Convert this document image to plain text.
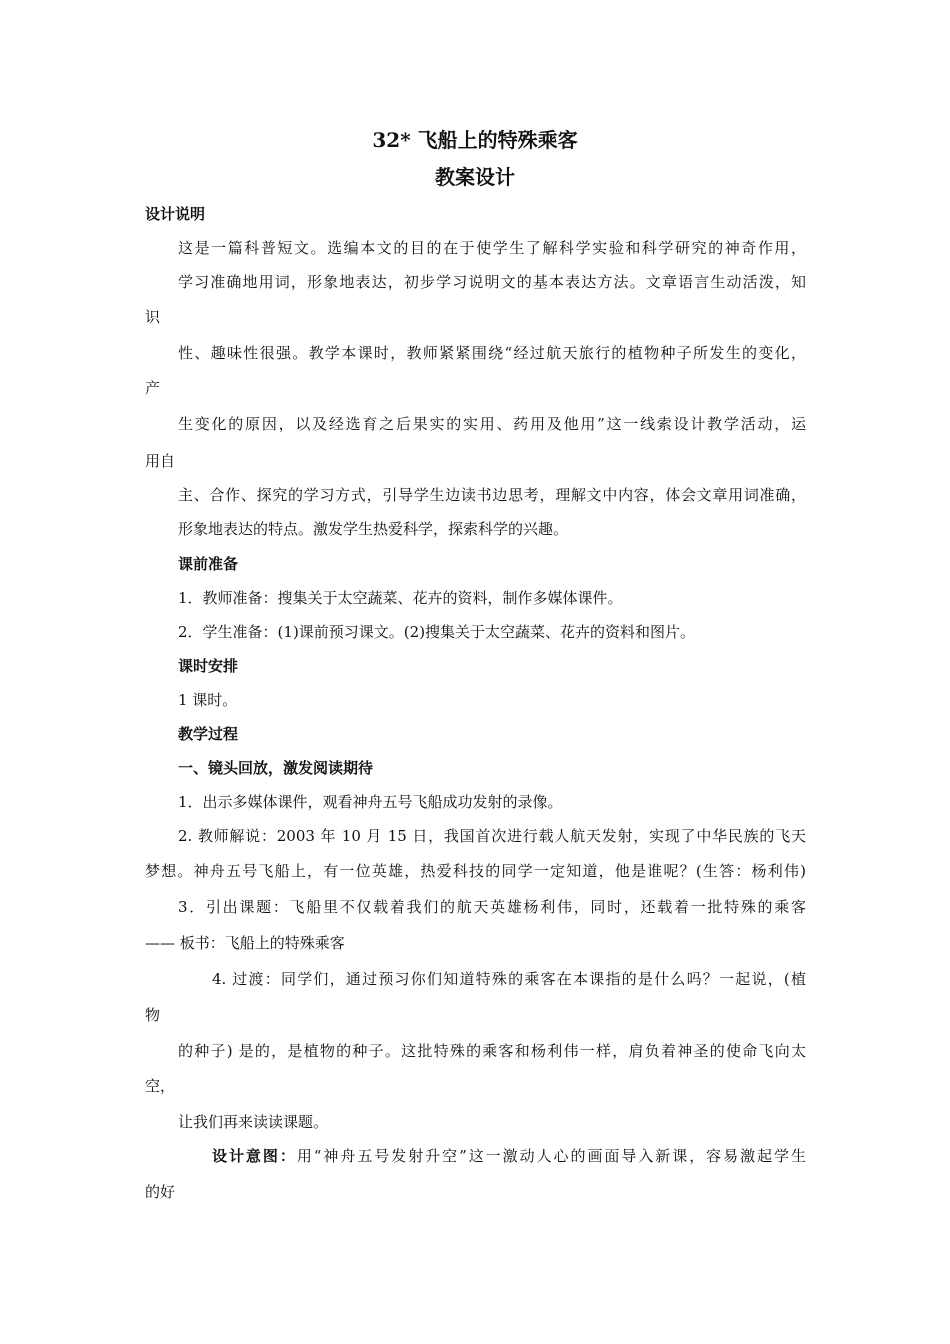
32* 飞船上的特殊乘客
教案设计
设计说明
这是一篇科普短文。选编本文的目的在于使学生了解科学实验和科学研究的神奇作用，
学习准确地用词，形象地表达，初步学习说明文的基本表达方法。文章语言生动活泼，知
识
性、趣味性很强。教学本课时，教师紧紧围绕“经过航天旅行的植物种子所发生的变化，
产
生变化的原因，以及经选育之后果实的实用、药用及他用”这一线索设计教学活动，运
用自
主、合作、探究的学习方式，引导学生边读书边思考，理解文中内容，体会文章用词准确，
形象地表达的特点。激发学生热爱科学，探索科学的兴趣。
课前准备
1．教师准备：搜集关于太空蔬菜、花卉的资料，制作多媒体课件。
2．学生准备：(1)课前预习课文。(2)搜集关于太空蔬菜、花卉的资料和图片。
课时安排
1 课时。
教学过程
一、镜头回放，激发阅读期待
1．出示多媒体课件，观看神舟五号飞船成功发射的录像。
2. 教师解说：2003 年 10 月 15 日，我国首次进行载人航天发射，实现了中华民族的飞天
梦想。神舟五号飞船上，有一位英雄，热爱科技的同学一定知道，他是谁呢？(生答：杨利伟)
3．引出课题：飞船里不仅载着我们的航天英雄杨利伟，同时，还载着一批特殊的乘客
—— 板书：飞船上的特殊乘客
4. 过渡：同学们，通过预习你们知道特殊的乘客在本课指的是什么吗？一起说，(植
物
的种子) 是的，是植物的种子。这批特殊的乘客和杨利伟一样，肩负着神圣的使命飞向太
空，
让我们再来读读课题。
设计意图：用“神舟五号发射升空”这一激动人心的画面导入新课，容易激起学生
的好
